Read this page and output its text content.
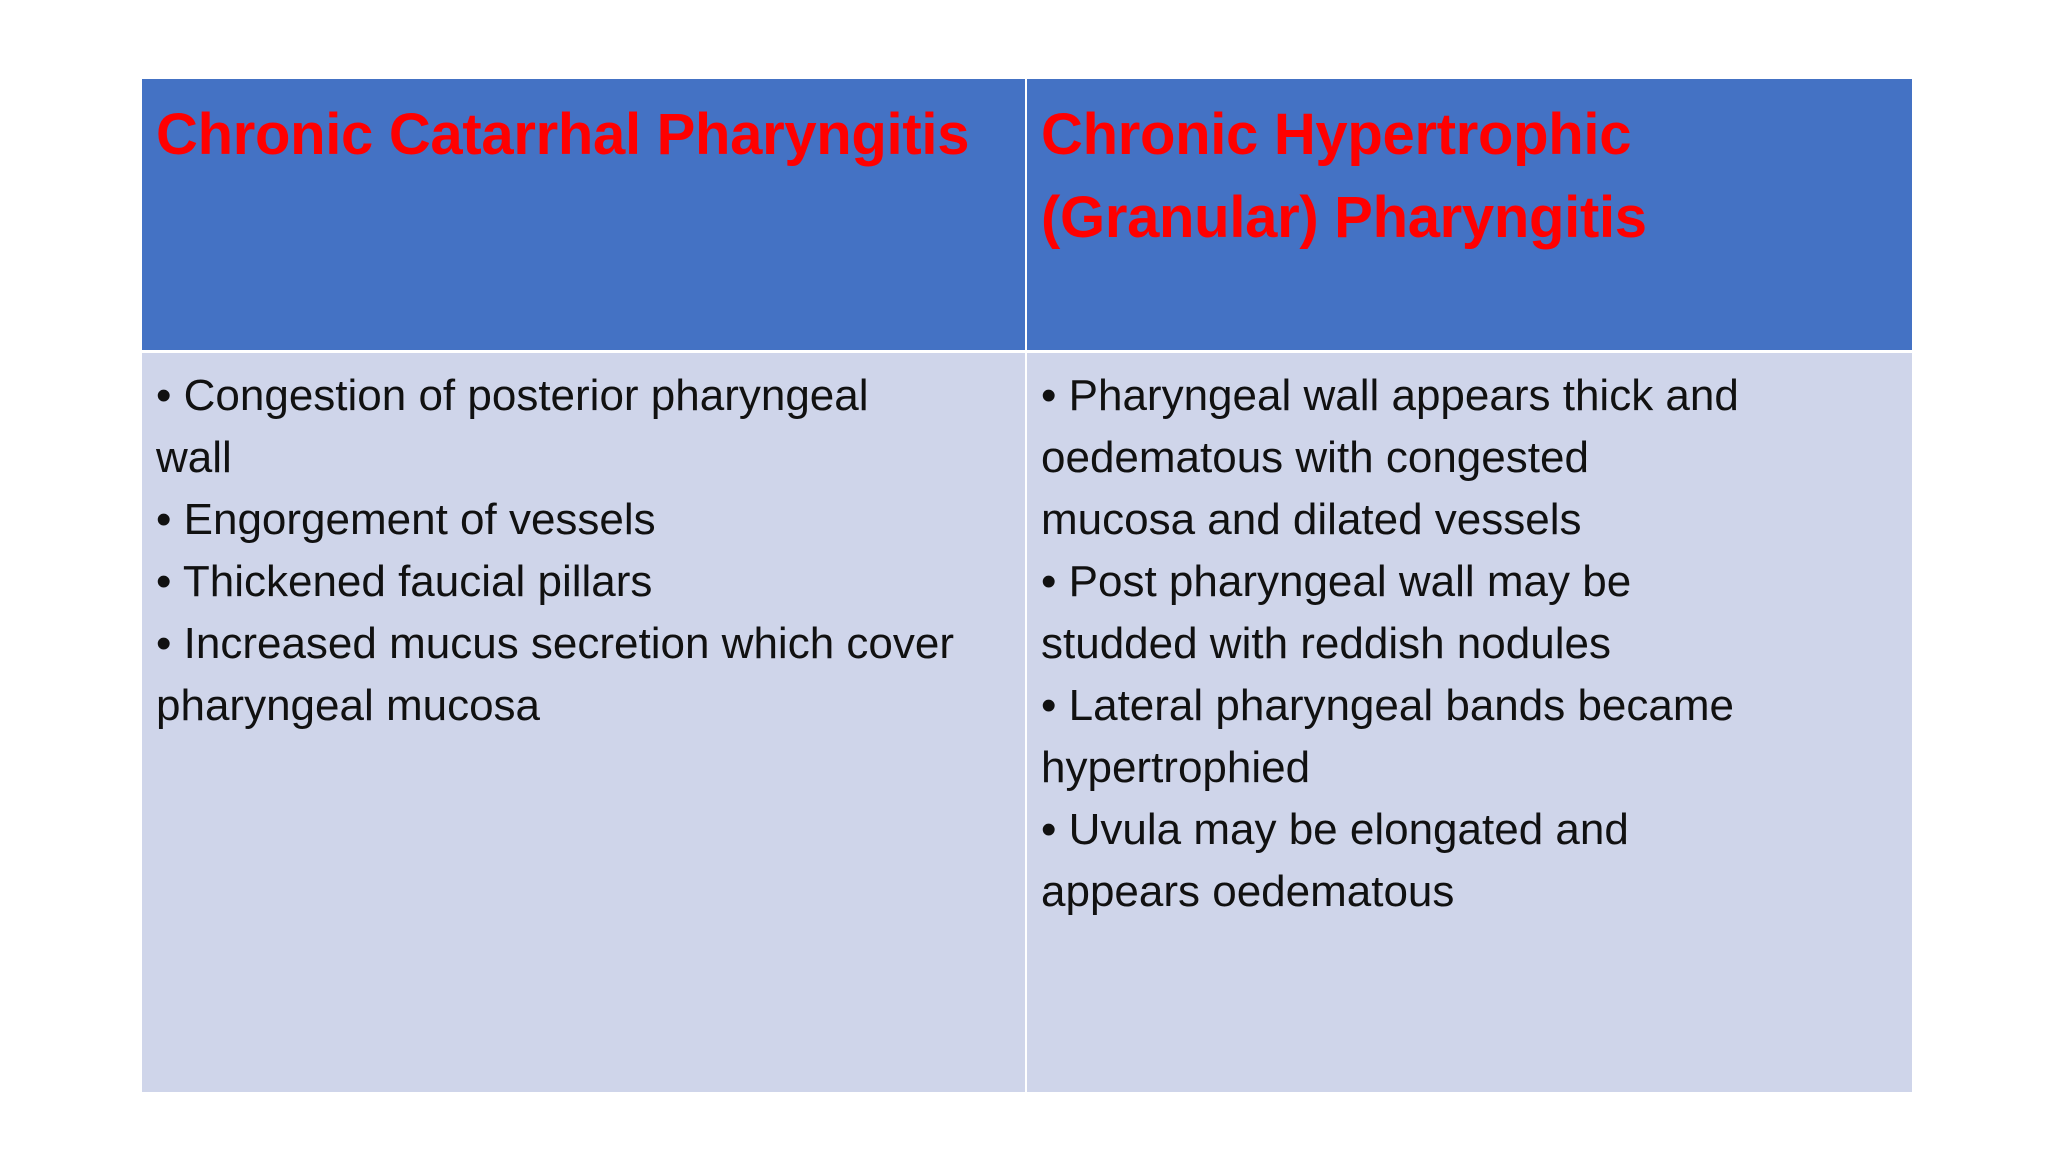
Chronic Catarrhal Pharyngitis	Chronic Hypertrophic (Granular) Pharyngitis

• Congestion of posterior pharyngeal wall
• Engorgement of vessels
• Thickened faucial pillars
• Increased mucus secretion which cover pharyngeal mucosa
• Pharyngeal wall appears thick and oedematous with congested mucosa and dilated vessels
• Post pharyngeal wall may be studded with reddish nodules
• Lateral pharyngeal bands became hypertrophied
• Uvula may be elongated and appears oedematous
